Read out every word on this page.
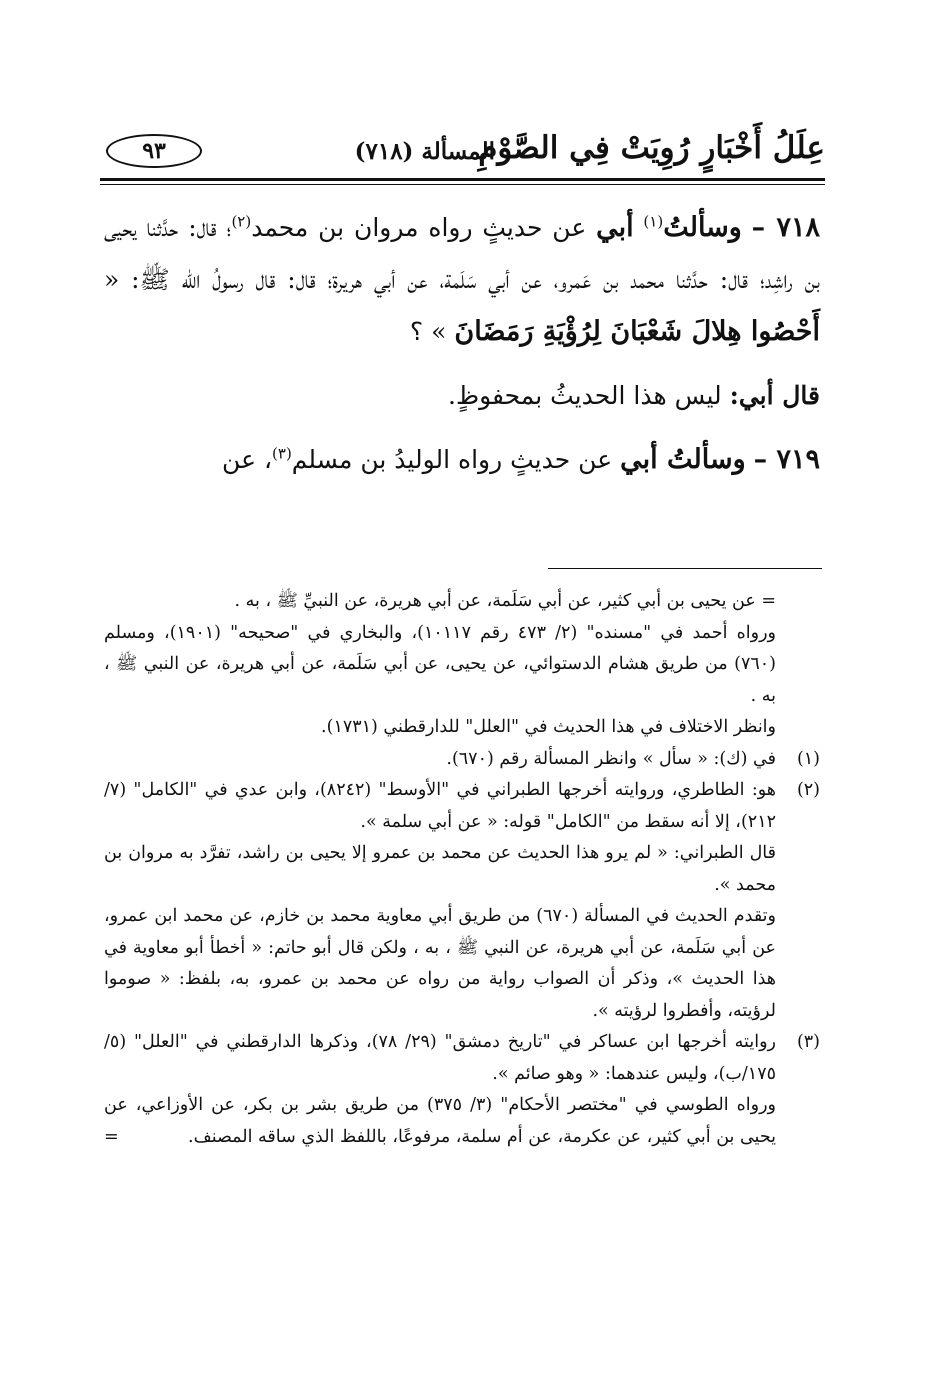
عِلَلُ أَخْبَارٍ رُوِيَتْ فِي الصَّوْمِ
المسألة (٧١٨)
٩٣

٧١٨ – وسألتُ$^{(١)}$ أبي عن حديثٍ رواه مروان بن محمد$^{(٢)}$؛ قال: حدَّثنا يحيى بن راشِد؛ قال: حدَّثنا محمد بن عَمرو، عن أبي سَلَمة، عن أبي هريرة؛ قال: قال رسولُ الله ﷺ: « أَحْصُوا هِلالَ شَعْبَانَ لِرُؤْيَةِ رَمَضَانَ » ؟

قال أبي: ليس هذا الحديثُ بمحفوظٍ.

٧١٩ – وسألتُ أبي عن حديثٍ رواه الوليدُ بن مسلم$^{(٣)}$، عن

= عن يحيى بن أبي كثير، عن أبي سَلَمة، عن أبي هريرة، عن النبيِّ ﷺ ، به .

ورواه أحمد في "مسنده" (٢/ ٤٧٣ رقم ١٠١١٧)، والبخاري في "صحيحه" (١٩٠١)، ومسلم (٧٦٠) من طريق هشام الدستوائي، عن يحيى، عن أبي سَلَمة، عن أبي هريرة، عن النبي ﷺ ، به .

وانظر الاختلاف في هذا الحديث في "العلل" للدارقطني (١٧٣١).

(١)

في (ك): « سأل » وانظر المسألة رقم (٦٧٠).

(٢)

هو: الطاطري، وروايته أخرجها الطبراني في "الأوسط" (٨٢٤٢)، وابن عدي في "الكامل" (٧/ ٢١٢)، إلا أنه سقط من "الكامل" قوله: « عن أبي سلمة ».

قال الطبراني: « لم يرو هذا الحديث عن محمد بن عمرو إلا يحيى بن راشد، تفرَّد به مروان بن محمد ».

وتقدم الحديث في المسألة (٦٧٠) من طريق أبي معاوية محمد بن خازم، عن محمد ابن عمرو، عن أبي سَلَمة، عن أبي هريرة، عن النبي ﷺ ، به ، ولكن قال أبو حاتم: « أخطأ أبو معاوية في هذا الحديث »، وذكر أن الصواب رواية من رواه عن محمد بن عمرو، به، بلفظ: « صوموا لرؤيته، وأفطروا لرؤيته ».

(٣)

روايته أخرجها ابن عساكر في "تاريخ دمشق" (٢٩/ ٧٨)، وذكرها الدارقطني في "العلل" (٥/ ١٧٥/ب)، وليس عندهما: « وهو صائم ».

ورواه الطوسي في "مختصر الأحكام" (٣/ ٣٧٥) من طريق بشر بن بكر، عن الأوزاعي، عن يحيى بن أبي كثير، عن عكرمة، عن أم سلمة، مرفوعًا، باللفظ الذي ساقه المصنف.

=
